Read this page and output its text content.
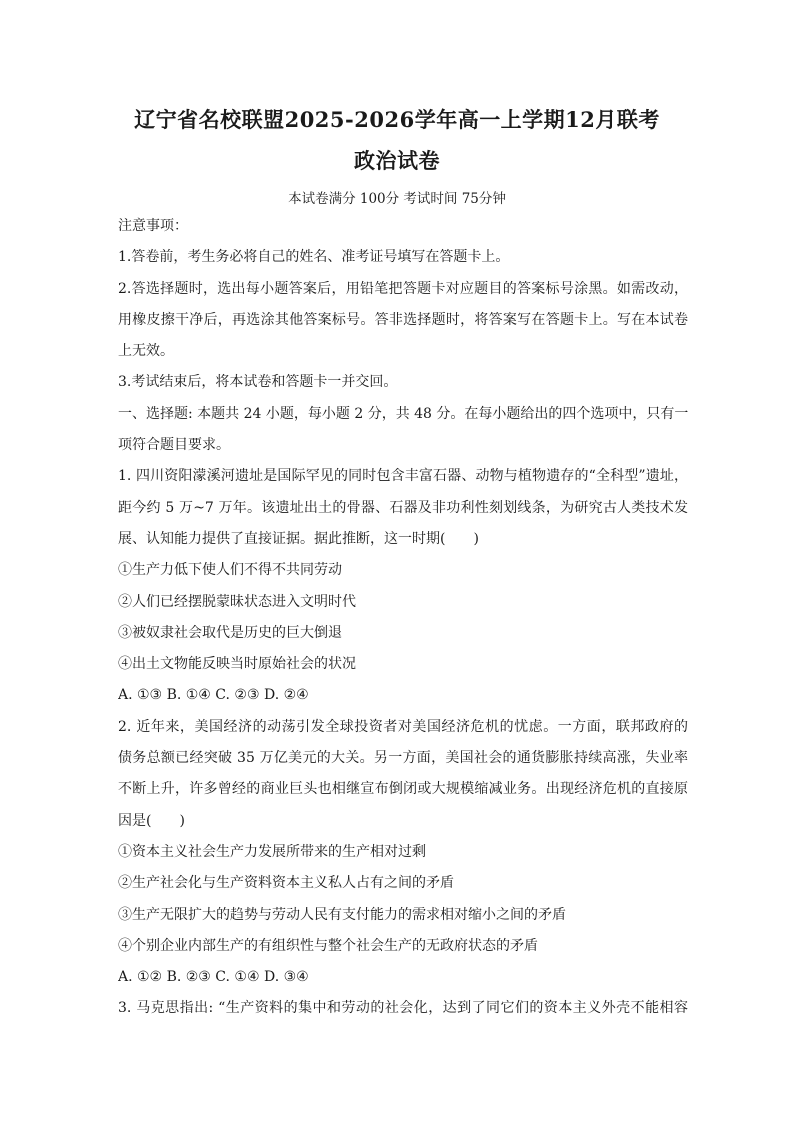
辽宁省名校联盟2025-2026学年高一上学期12月联考
政治试卷
本试卷满分 100分 考试时间 75分钟

注意事项：

1.答卷前，考生务必将自己的姓名、准考证号填写在答题卡上。

2.答选择题时，选出每小题答案后，用铅笔把答题卡对应题目的答案标号涂黑。如需改动，

用橡皮擦干净后，再选涂其他答案标号。答非选择题时，将答案写在答题卡上。写在本试卷

上无效。

3.考试结束后，将本试卷和答题卡一并交回。

一、选择题: 本题共 24 小题，每小题 2 分，共 48 分。在每小题给出的四个选项中，只有一

项符合题目要求。

1. 四川资阳濛溪河遗址是国际罕见的同时包含丰富石器、动物与植物遗存的“全科型”遗址，

距今约 5 万~7 万年。该遗址出土的骨器、石器及非功利性刻划线条，为研究古人类技术发

展、认知能力提供了直接证据。据此推断，这一时期(　　)

①生产力低下使人们不得不共同劳动

②人们已经摆脱蒙昧状态进入文明时代

③被奴隶社会取代是历史的巨大倒退

④出土文物能反映当时原始社会的状况

A. ①③ B. ①④ C. ②③ D. ②④

2. 近年来，美国经济的动荡引发全球投资者对美国经济危机的忧虑。一方面，联邦政府的

债务总额已经突破 35 万亿美元的大关。另一方面，美国社会的通货膨胀持续高涨，失业率

不断上升，许多曾经的商业巨头也相继宣布倒闭或大规模缩减业务。出现经济危机的直接原

因是(　　)

①资本主义社会生产力发展所带来的生产相对过剩

②生产社会化与生产资料资本主义私人占有之间的矛盾

③生产无限扩大的趋势与劳动人民有支付能力的需求相对缩小之间的矛盾

④个别企业内部生产的有组织性与整个社会生产的无政府状态的矛盾

A. ①② B. ②③ C. ①④ D. ③④

3. 马克思指出: “生产资料的集中和劳动的社会化，达到了同它们的资本主义外壳不能相容
